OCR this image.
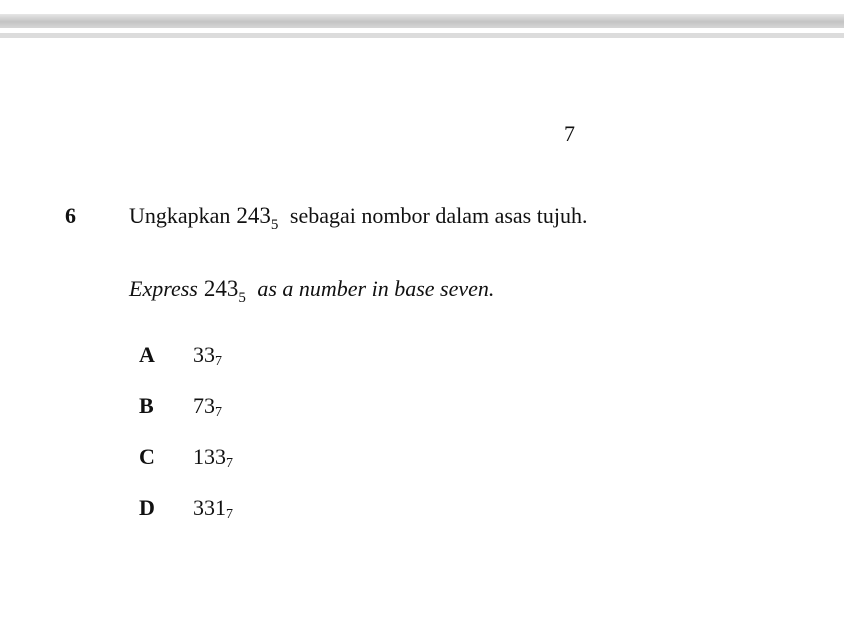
7
6 Ungkapkan $243_5$ sebagai nombor dalam asas tujuh.
Express $243_5$ as a number in base seven.
A $33_7$
B $73_7$
C $133_7$
D $331_7$
